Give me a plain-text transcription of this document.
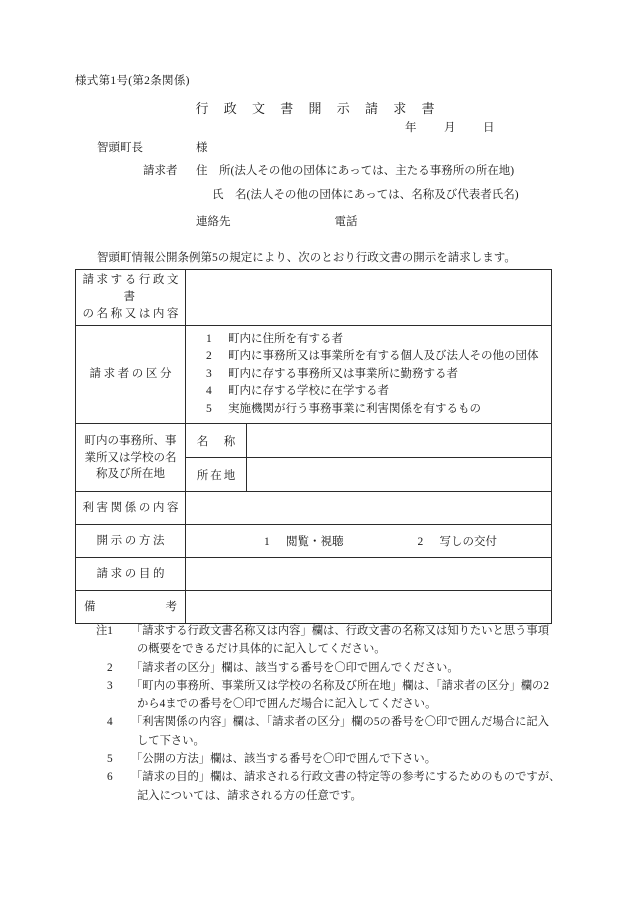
様式第1号(第2条関係)
行 政 文 書 開 示 請 求 書
年 月 日
智頭町長	様
請求者 住　所(法人その他の団体にあっては、主たる事務所の所在地)
氏　名(法人その他の団体にあっては、名称及び代表者氏名)
連絡先	電話
智頭町情報公開条例第5の規定により、次のとおり行政文書の開示を請求します。
請求する行政文書
の名称又は内容		

請求者の区分	1 町内に住所を有する者
2 町内に事務所又は事業所を有する個人及び法人その他の団体
3 町内に存する事務所又は事業所に勤務する者
4 町内に存する学校に在学する者
5 実施機関が行う事務事業に利害関係を有するもの	

町内の事務所、事
業所又は学校の名
称及び所在地	名　称	
	所在地	

利害関係の内容		

開示の方法	1 閲覧・視聴 2 写しの交付	

請求の目的		

備 考		

注1	「請求する行政文書名称又は内容」欄は、行政文書の名称又は知りたいと思う事項
の概要をできるだけ具体的に記入してください。
2	「請求者の区分」欄は、該当する番号を〇印で囲んでください。
3	「町内の事務所、事業所又は学校の名称及び所在地」欄は、「請求者の区分」欄の2
から4までの番号を〇印で囲んだ場合に記入してください。
4	「利害関係の内容」欄は、「請求者の区分」欄の5の番号を〇印で囲んだ場合に記入
して下さい。
5	「公開の方法」欄は、該当する番号を〇印で囲んで下さい。
6	「請求の目的」欄は、請求される行政文書の特定等の参考にするためのものですが、
記入については、請求される方の任意です。
